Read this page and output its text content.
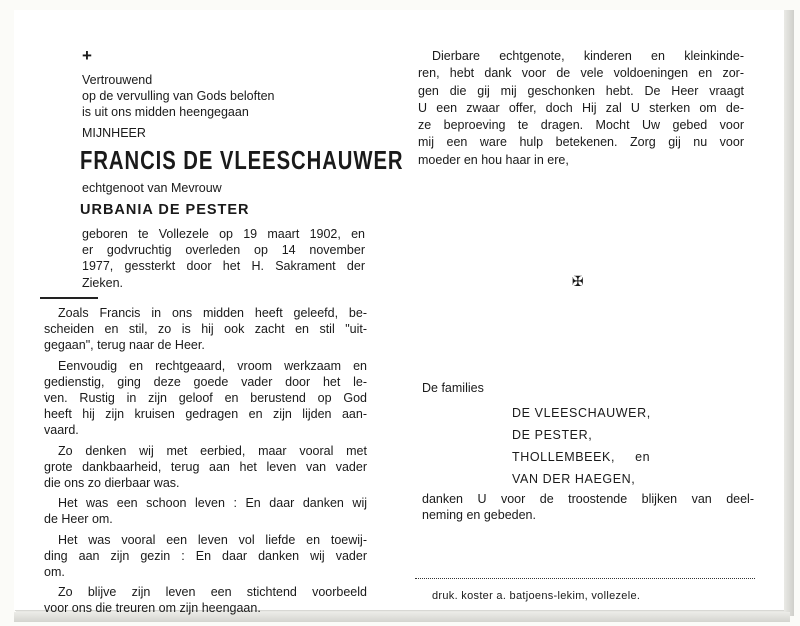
+
Vertrouwend
op de vervulling van Gods beloften
is uit ons midden heengegaan
MIJNHEER
FRANCIS DE VLEESCHAUWER
echtgenoot van Mevrouw
URBANIA DE PESTER
geboren te Vollezele op 19 maart 1902, en
er godvruchtig overleden op 14 november
1977, gessterkt door het H. Sakrament der
Zieken.
Zoals Francis in ons midden heeft geleefd, be-
scheiden en stil, zo is hij ook zacht en stil "uit-
gegaan", terug naar de Heer.
Eenvoudig en rechtgeaard, vroom werkzaam en
gedienstig, ging deze goede vader door het le-
ven. Rustig in zijn geloof en berustend op God
heeft hij zijn kruisen gedragen en zijn lijden aan-
vaard.
Zo denken wij met eerbied, maar vooral met
grote dankbaarheid, terug aan het leven van vader
die ons zo dierbaar was.
Het was een schoon leven : En daar danken wij
de Heer om.
Het was vooral een leven vol liefde en toewij-
ding aan zijn gezin : En daar danken wij vader
om.
Zo blijve zijn leven een stichtend voorbeeld
voor ons die treuren om zijn heengaan.
Dierbare echtgenote, kinderen en kleinkinde-
ren, hebt dank voor de vele voldoeningen en zor-
gen die gij mij geschonken hebt. De Heer vraagt
U een zwaar offer, doch Hij zal U sterken om de-
ze beproeving te dragen. Mocht Uw gebed voor
mij een ware hulp betekenen. Zorg gij nu voor
moeder en hou haar in ere,
✠
De families
DE VLEESCHAUWER,
DE PESTER,
THOLLEMBEEK, en
VAN DER HAEGEN,
danken U voor de troostende blijken van deel-
neming en gebeden.
druk. koster a. batjoens-lekim, vollezele.
